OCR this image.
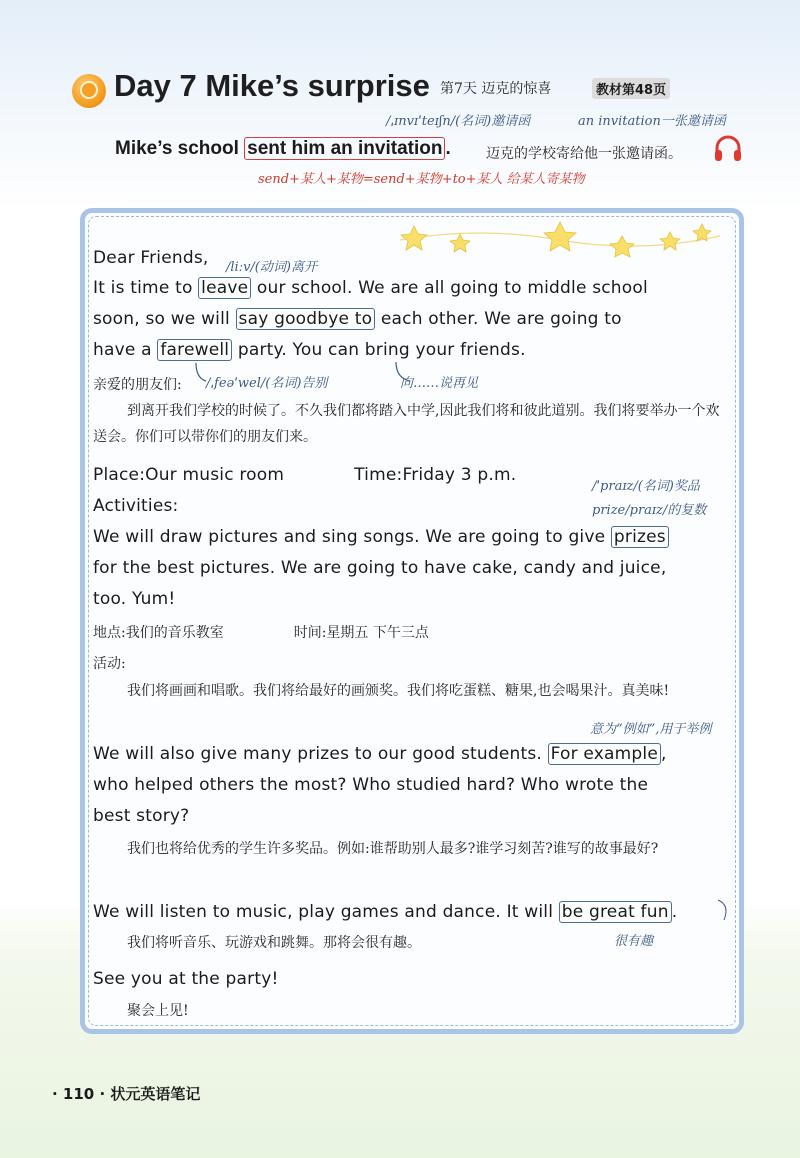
Day 7 Mike’s surprise 第7天 迈克的惊喜	教材第48页
/ˌɪnvɪˈteɪʃn/(名词)邀请函	an invitation一张邀请函
Mike’s school sent him an invitation .	迈克的学校寄给他一张邀请函。
send+某人+某物=send+某物+to+某人 给某人寄某物
Dear Friends, /liːv/(动词)离开
It is time to leave our school. We are all going to middle school
soon, so we will say goodbye to each other. We are going to
have a farewell party. You can bring your friends.
亲爱的朋友们: /ˌfeəˈwel/(名词)告别	向……说再见
到离开我们学校的时候了。不久我们都将踏入中学,因此我们将和彼此道别。我们将要举办一个欢送会。你们可以带你们的朋友们来。
Place:Our music room	Time:Friday 3 p.m.
/ˈpraɪz/(名词)奖品
prize/praɪz/的复数
Activities:
We will draw pictures and sing songs. We are going to give prizes
for the best pictures. We are going to have cake, candy and juice,
too. Yum!
地点:我们的音乐教室	时间:星期五 下午三点
活动:
我们将画画和唱歌。我们将给最好的画颁奖。我们将吃蛋糕、糖果,也会喝果汁。真美味!
意为“例如”,用于举例
We will also give many prizes to our good students. For example ,
who helped others the most? Who studied hard? Who wrote the
best story?
我们也将给优秀的学生许多奖品。例如:谁帮助别人最多?谁学习刻苦?谁写的故事最好?
We will listen to music, play games and dance. It will be great fun .
我们将听音乐、玩游戏和跳舞。那将会很有趣。	很有趣
See you at the party!
聚会上见!
· 110 · 状元英语笔记
